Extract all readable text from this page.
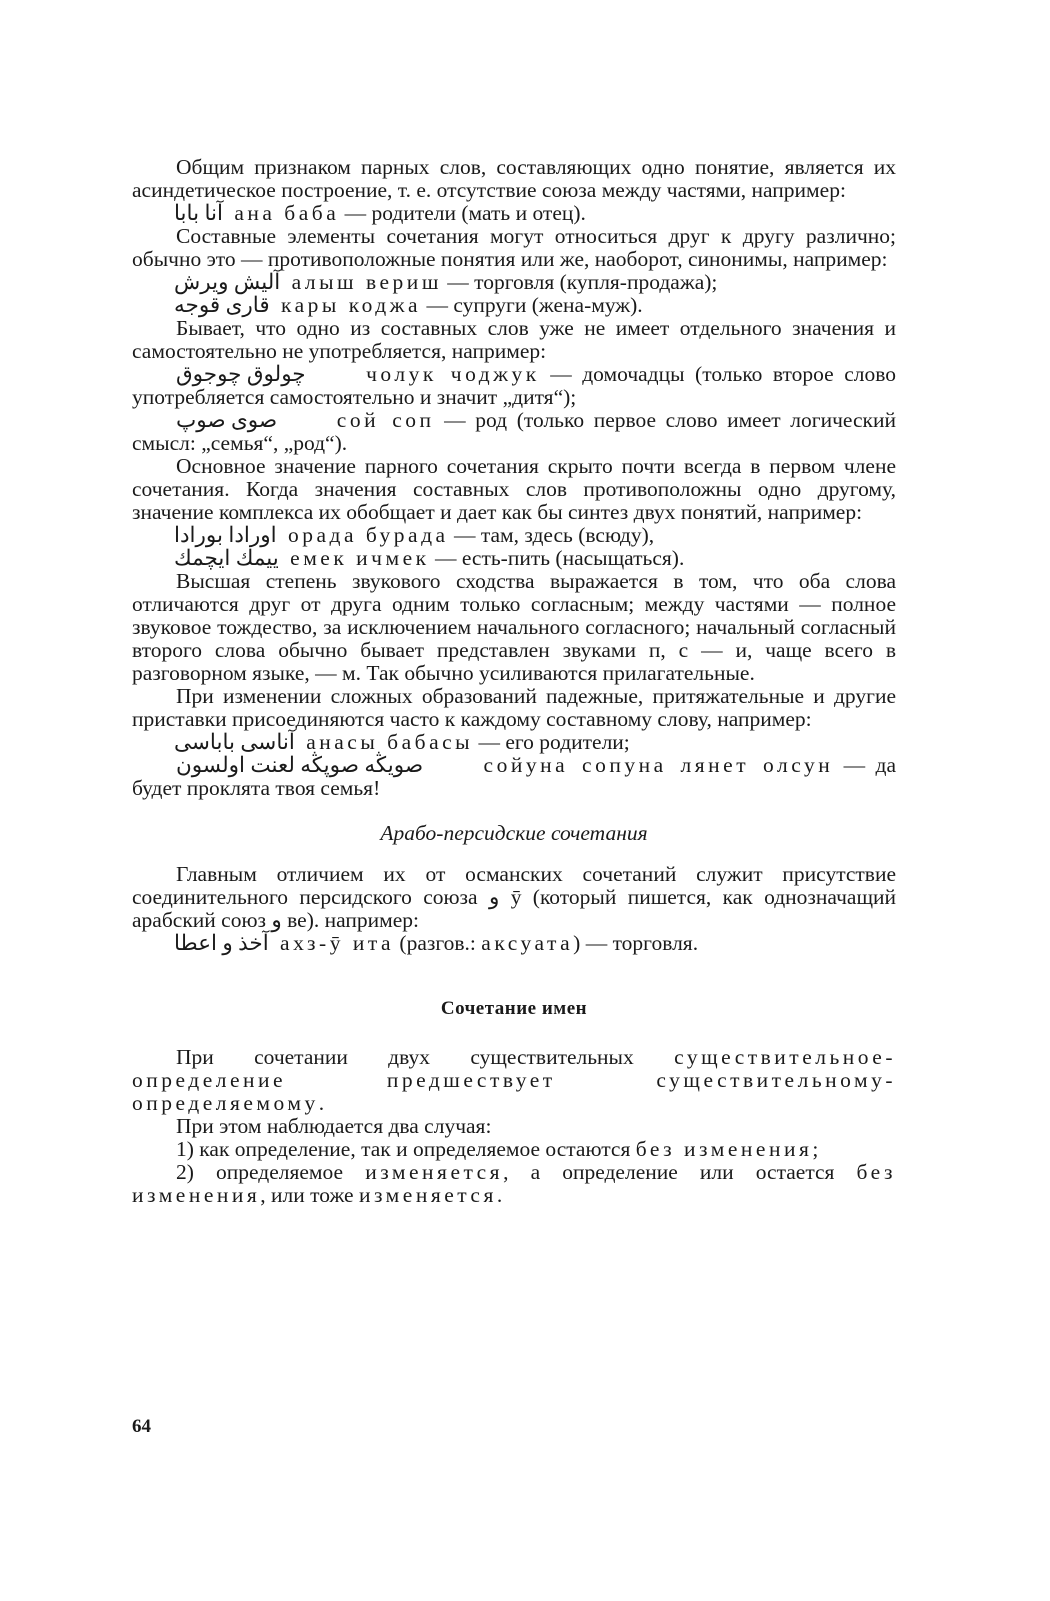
Общим признаком парных слов, составляющих одно понятие, является их асиндетическое построение, т. е. отсутствие союза между частями, например:

آنا بابا ана баба — родители (мать и отец).

Составные элементы сочетания могут относиться друг к другу различно; обычно это — противоположные понятия или же, наоборот, синонимы, например:

آليش ويرش алыш вериш — торговля (купля-продажа);

قارى قوجه кары коджа — супруги (жена-муж).

Бывает, что одно из составных слов уже не имеет отдельного значения и самостоятельно не употребляется, например:

چولوق چوجوق	чолук чоджук — домочадцы (только второе слово употребляется самостоятельно и значит „дитя“);

صوى صوپ	сой соп — род (только первое слово имеет логический смысл: „семья“, „род“).

Основное значение парного сочетания скрыто почти всегда в первом члене сочетания. Когда значения составных слов противоположны одно другому, значение комплекса их обобщает и дает как бы синтез двух понятий, например:

اورادا بورادا орада бурада — там, здесь (всюду),

ييمك ايچمك емек ичмек — есть-пить (насыщаться).

Высшая степень звукового сходства выражается в том, что оба слова отличаются друг от друга одним только согласным; между частями — полное звуковое тождество, за исключением начального согласного; начальный согласный второго слова обычно бывает представлен звуками п, с — и, чаще всего в разговорном языке, — м. Так обычно усиливаются прилагательные.

При изменении сложных образований падежные, притяжательные и другие приставки присоединяются часто к каждому составному слову, например:

آناسى باباسى анасы бабасы — его родители;

صويڭه صوپڭه لعنت اولسون	сойуна сопуна лянет олсун — да будет проклята твоя семья!

Арабо-персидские сочетания

Главным отличием их от османских сочетаний служит присутствие соединительного персидского союза و ӯ (который пишется, как однозначащий арабский союз و ве). например:

آخذ و اعطا ахз-ӯ ита (разгов.: аксуата) — торговля.

Сочетание имен

При сочетании двух существительных существительное-определение предшествует существительному-определяемому.

При этом наблюдается два случая:

1) как определение, так и определяемое остаются без изменения;

2) определяемое изменяется, а определение или остается без изменения, или тоже изменяется.

64
